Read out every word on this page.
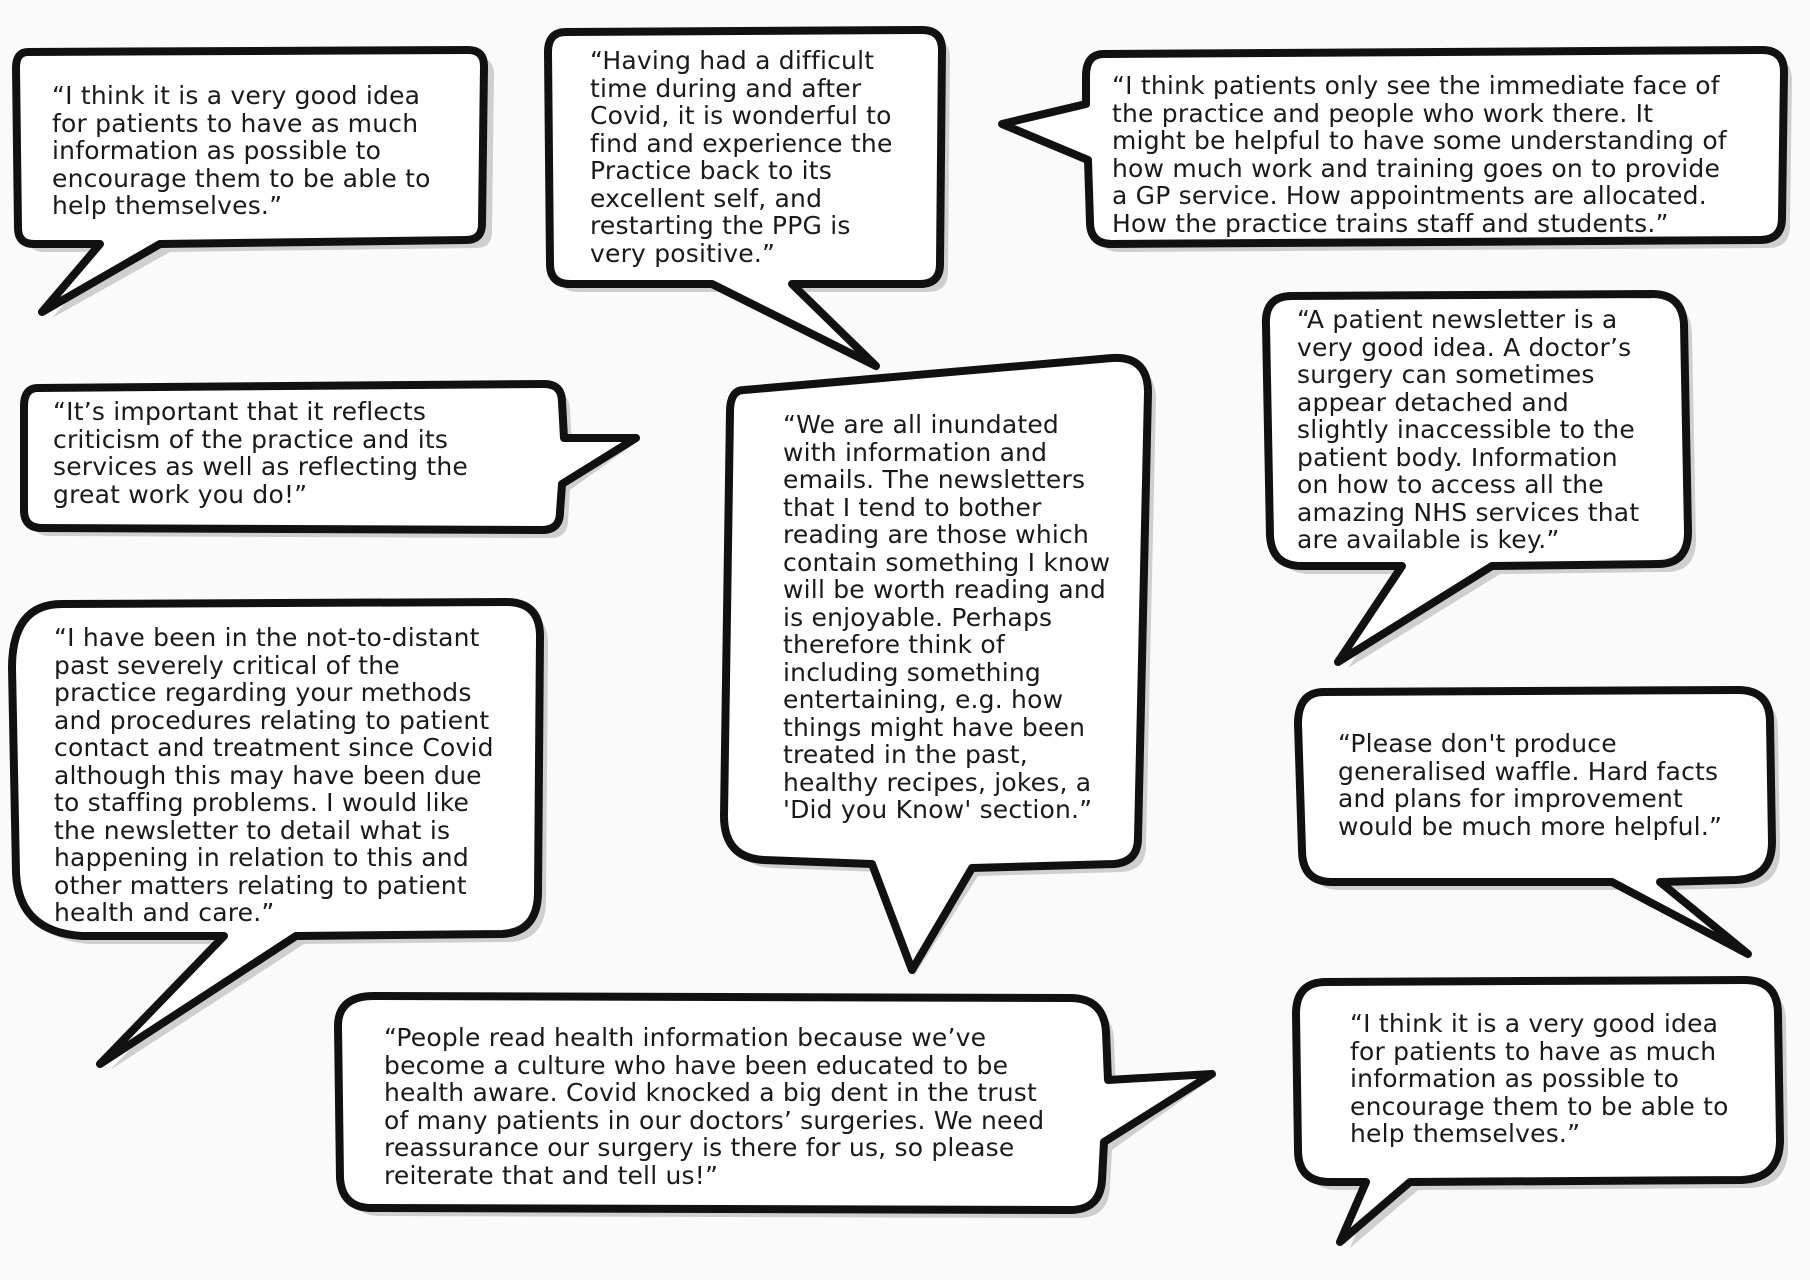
“I think it is a very good idea
for patients to have as much
information as possible to
encourage them to be able to
help themselves.”

“Having had a difficult
time during and after
Covid, it is wonderful to
find and experience the
Practice back to its
excellent self, and
restarting the PPG is
very positive.”

“I think patients only see the immediate face of
the practice and people who work there. It
might be helpful to have some understanding of
how much work and training goes on to provide
a GP service. How appointments are allocated.
How the practice trains staff and students.”

“It’s important that it reflects
criticism of the practice and its
services as well as reflecting the
great work you do!”

“We are all inundated
with information and
emails. The newsletters
that I tend to bother
reading are those which
contain something I know
will be worth reading and
is enjoyable. Perhaps
therefore think of
including something
entertaining, e.g. how
things might have been
treated in the past,
healthy recipes, jokes, a
'Did you Know' section.”

“A patient newsletter is a
very good idea. A doctor’s
surgery can sometimes
appear detached and
slightly inaccessible to the
patient body. Information
on how to access all the
amazing NHS services that
are available is key.”

“I have been in the not-to-distant
past severely critical of the
practice regarding your methods
and procedures relating to patient
contact and treatment since Covid
although this may have been due
to staffing problems. I would like
the newsletter to detail what is
happening in relation to this and
other matters relating to patient
health and care.”

“Please don't produce
generalised waffle. Hard facts
and plans for improvement
would be much more helpful.”

“People read health information because we’ve
become a culture who have been educated to be
health aware. Covid knocked a big dent in the trust
of many patients in our doctors’ surgeries. We need
reassurance our surgery is there for us, so please
reiterate that and tell us!”

“I think it is a very good idea
for patients to have as much
information as possible to
encourage them to be able to
help themselves.”
